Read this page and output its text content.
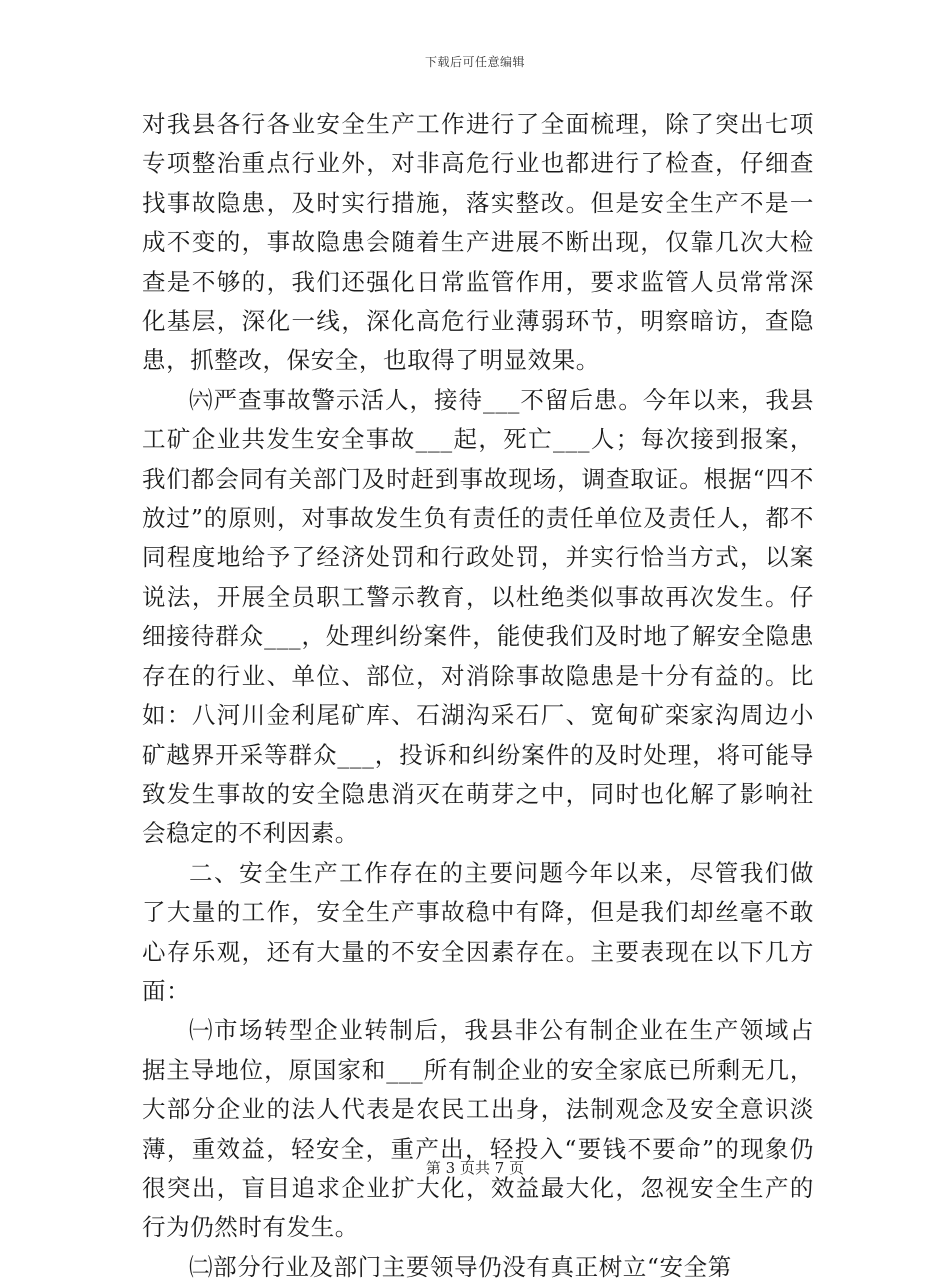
下载后可任意编辑

对我县各行各业安全生产工作进行了全面梳理，除了突出七项专项整治重点行业外，对非高危行业也都进行了检查，仔细查找事故隐患，及时实行措施，落实整改。但是安全生产不是一成不变的，事故隐患会随着生产进展不断出现，仅靠几次大检查是不够的，我们还强化日常监管作用，要求监管人员常常深化基层，深化一线，深化高危行业薄弱环节，明察暗访，查隐患，抓整改，保安全，也取得了明显效果。

㈥严查事故警示活人，接待___不留后患。今年以来，我县工矿企业共发生安全事故___起，死亡___人；每次接到报案，我们都会同有关部门及时赶到事故现场，调查取证。根据“四不放过”的原则，对事故发生负有责任的责任单位及责任人，都不同程度地给予了经济处罚和行政处罚，并实行恰当方式，以案说法，开展全员职工警示教育，以杜绝类似事故再次发生。仔细接待群众___，处理纠纷案件，能使我们及时地了解安全隐患存在的行业、单位、部位，对消除事故隐患是十分有益的。比如：八河川金利尾矿库、石湖沟采石厂、宽甸矿栾家沟周边小矿越界开采等群众___，投诉和纠纷案件的及时处理，将可能导致发生事故的安全隐患消灭在萌芽之中，同时也化解了影响社会稳定的不利因素。

二、安全生产工作存在的主要问题今年以来，尽管我们做了大量的工作，安全生产事故稳中有降，但是我们却丝毫不敢心存乐观，还有大量的不安全因素存在。主要表现在以下几方面：

㈠市场转型企业转制后，我县非公有制企业在生产领域占据主导地位，原国家和___所有制企业的安全家底已所剩无几，大部分企业的法人代表是农民工出身，法制观念及安全意识淡薄，重效益，轻安全，重产出，轻投入“要钱不要命”的现象仍很突出，盲目追求企业扩大化，效益最大化，忽视安全生产的行为仍然时有发生。

㈡部分行业及部门主要领导仍没有真正树立“安全第

第 3 页共 7 页
